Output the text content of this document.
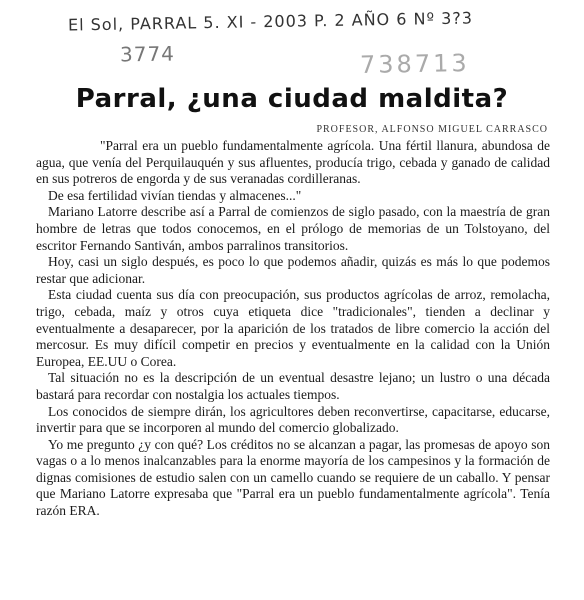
El Sol, PARRAL 5. XI - 2003 P. 2 AÑO 6 Nº 3?3
3774	738713
Parral, ¿una ciudad maldita?
PROFESOR, ALFONSO MIGUEL CARRASCO

"Parral era un pueblo fundamentalmente agrícola. Una fértil llanura, abundosa de agua, que venía del Perquilauquén y sus afluentes, producía trigo, cebada y ganado de calidad en sus potreros de engorda y de sus veranadas cordilleranas.

De esa fertilidad vivían tiendas y almacenes..."

Mariano Latorre describe así a Parral de comienzos de siglo pasado, con la maestría de gran hombre de letras que todos conocemos, en el prólogo de memorias de un Tolstoyano, del escritor Fernando Santiván, ambos parralinos transitorios.

Hoy, casi un siglo después, es poco lo que podemos añadir, quizás es más lo que podemos restar que adicionar.

Esta ciudad cuenta sus día con preocupación, sus productos agrícolas de arroz, remolacha, trigo, cebada, maíz y otros cuya etiqueta dice "tradicionales", tienden a declinar y eventualmente a desaparecer, por la aparición de los tratados de libre comercio la acción del mercosur. Es muy difícil competir en precios y eventualmente en la calidad con la Unión Europea, EE.UU o Corea.

Tal situación no es la descripción de un eventual desastre lejano; un lustro o una década bastará para recordar con nostalgia los actuales tiempos.

Los conocidos de siempre dirán, los agricultores deben reconvertirse, capacitarse, educarse, invertir para que se incorporen al mundo del comercio globalizado.

Yo me pregunto ¿y con qué? Los créditos no se alcanzan a pagar, las promesas de apoyo son vagas o a lo menos inalcanzables para la enorme mayoría de los campesinos y la formación de dignas comisiones de estudio salen con un camello cuando se requiere de un caballo. Y pensar que Mariano Latorre expresaba que "Parral era un pueblo fundamentalmente agrícola". Tenía razón ERA.
